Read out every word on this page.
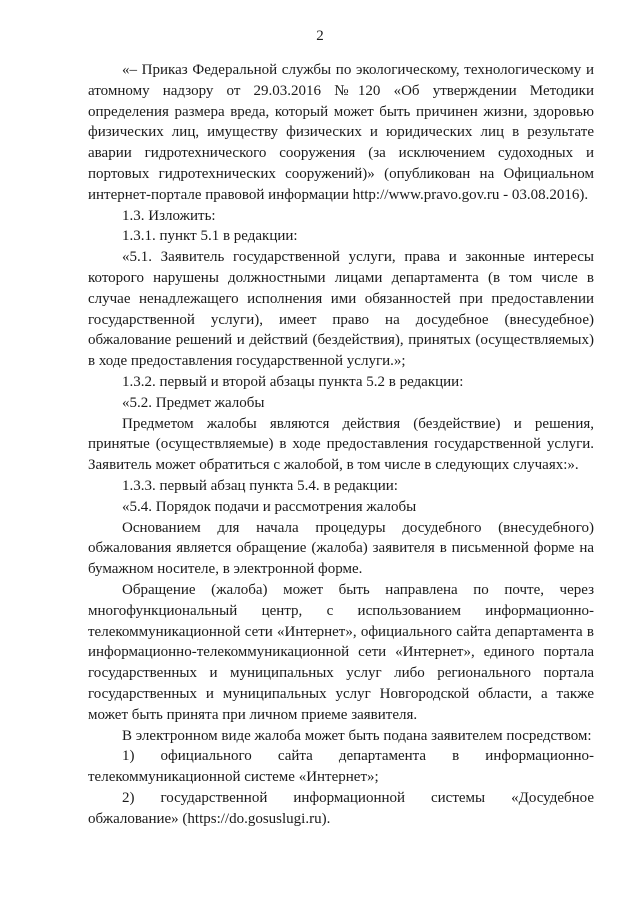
2

«– Приказ Федеральной службы по экологическому, технологическому и атомному надзору от 29.03.2016 №120 «Об утверждении Методики определения размера вреда, который может быть причинен жизни, здоровью физических лиц, имуществу физических и юридических лиц в результате аварии гидротехнического сооружения (за исключением судоходных и портовых гидротехнических сооружений)» (опубликован на Официальном интернет-портале правовой информации http://www.pravo.gov.ru - 03.08.2016).

1.3. Изложить:

1.3.1. пункт 5.1 в редакции:

«5.1. Заявитель государственной услуги, права и законные интересы которого нарушены должностными лицами департамента (в том числе в случае ненадлежащего исполнения ими обязанностей при предоставлении государственной услуги), имеет право на досудебное (внесудебное) обжалование решений и действий (бездействия), принятых (осуществляемых) в ходе предоставления государственной услуги.»;

1.3.2. первый и второй абзацы пункта 5.2 в редакции:

«5.2. Предмет жалобы

Предметом жалобы являются действия (бездействие) и решения, принятые (осуществляемые) в ходе предоставления государственной услуги. Заявитель может обратиться с жалобой, в том числе в следующих случаях:».

1.3.3. первый абзац пункта 5.4. в редакции:

«5.4. Порядок подачи и рассмотрения жалобы

Основанием для начала процедуры досудебного (внесудебного) обжалования является обращение (жалоба) заявителя в письменной форме на бумажном носителе, в электронной форме.

Обращение (жалоба) может быть направлена по почте, через многофункциональный центр, с использованием информационно-телекоммуникационной сети «Интернет», официального сайта департамента в информационно-телекоммуникационной сети «Интернет», единого портала государственных и муниципальных услуг либо регионального портала государственных и муниципальных услуг Новгородской области, а также может быть принята при личном приеме заявителя.

В электронном виде жалоба может быть подана заявителем посредством:

1) официального сайта департамента в информационно-телекоммуникационной системе «Интернет»;

2) государственной информационной системы «Досудебное обжалование» (https://do.gosuslugi.ru).
